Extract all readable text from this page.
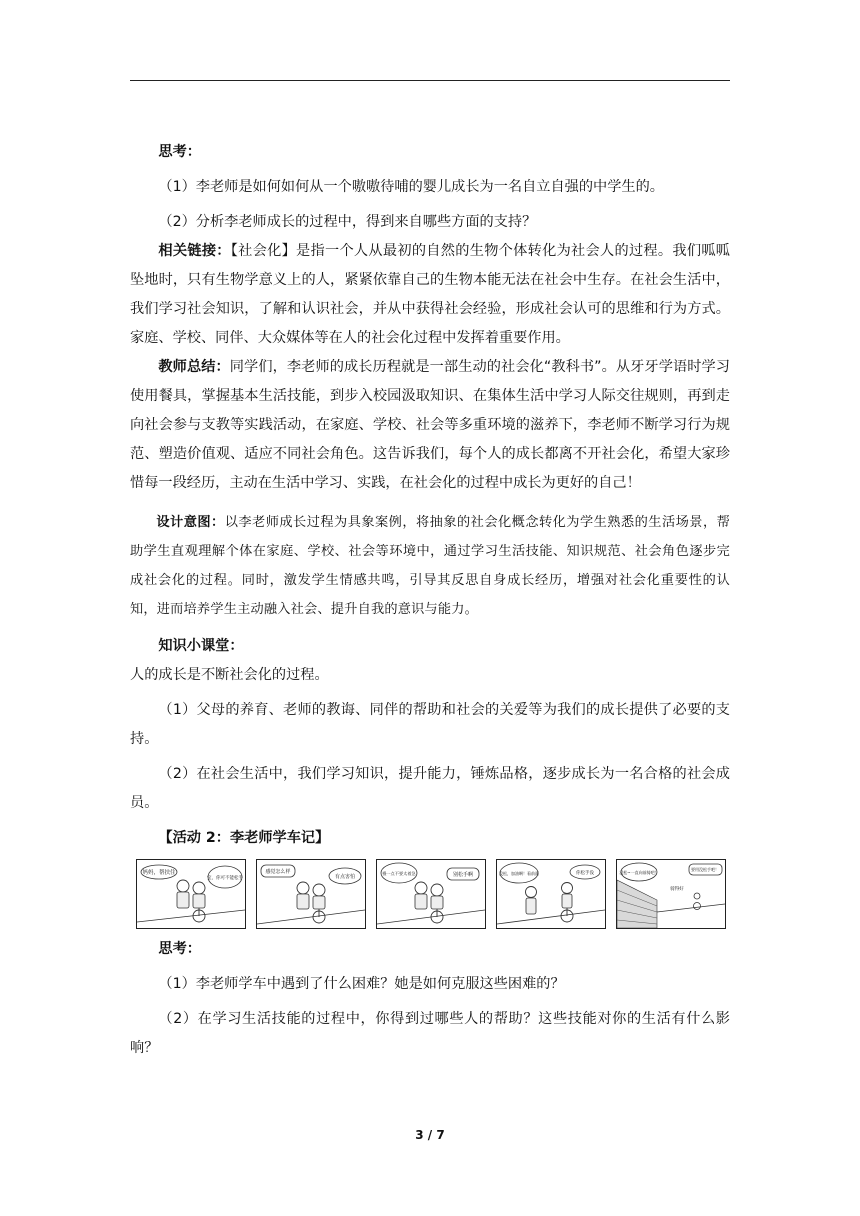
思考：

（1）李老师是如何如何从一个嗷嗷待哺的婴儿成长为一名自立自强的中学生的。

（2）分析李老师成长的过程中，得到来自哪些方面的支持？

相关链接：【社会化】是指一个人从最初的自然的生物个体转化为社会人的过程。我们呱呱坠地时，只有生物学意义上的人，紧紧依靠自己的生物本能无法在社会中生存。在社会生活中，我们学习社会知识，了解和认识社会，并从中获得社会经验，形成社会认可的思维和行为方式。家庭、学校、同伴、大众媒体等在人的社会化过程中发挥着重要作用。

教师总结：同学们，李老师的成长历程就是一部生动的社会化“教科书”。从牙牙学语时学习使用餐具，掌握基本生活技能，到步入校园汲取知识、在集体生活中学习人际交往规则，再到走向社会参与支教等实践活动，在家庭、学校、社会等多重环境的滋养下，李老师不断学习行为规范、塑造价值观、适应不同社会角色。这告诉我们，每个人的成长都离不开社会化，希望大家珍惜每一段经历，主动在生活中学习、实践，在社会化的过程中成长为更好的自己！

设计意图：以李老师成长过程为具象案例，将抽象的社会化概念转化为学生熟悉的生活场景，帮助学生直观理解个体在家庭、学校、社会等环境中，通过学习生活技能、知识规范、社会角色逐步完成社会化的过程。同时，激发学生情感共鸣，引导其反思自身成长经历，增强对社会化重要性的认知，进而培养学生主动融入社会、提升自我的意识与能力。

知识小课堂：

人的成长是不断社会化的过程。

（1）父母的养育、老师的教诲、同伴的帮助和社会的关爱等为我们的成长提供了必要的支持。

（2）在社会生活中，我们学习知识，提升能力，锤炼品格，逐步成长为一名合格的社会成员。

【活动 2：李老师学车记】

妈妈，帮扶住
宝，你可不能松手
感觉怎么样
有点害怕
慢一点不要太着急	别松手啊	没松，加油啊！看前面	你松手没	没松~一直向前骑吧！
要用没松手吧！
骑得好

思考：

（1）李老师学车中遇到了什么困难？她是如何克服这些困难的？

（2）在学习生活技能的过程中，你得到过哪些人的帮助？这些技能对你的生活有什么影响？

3 / 7
